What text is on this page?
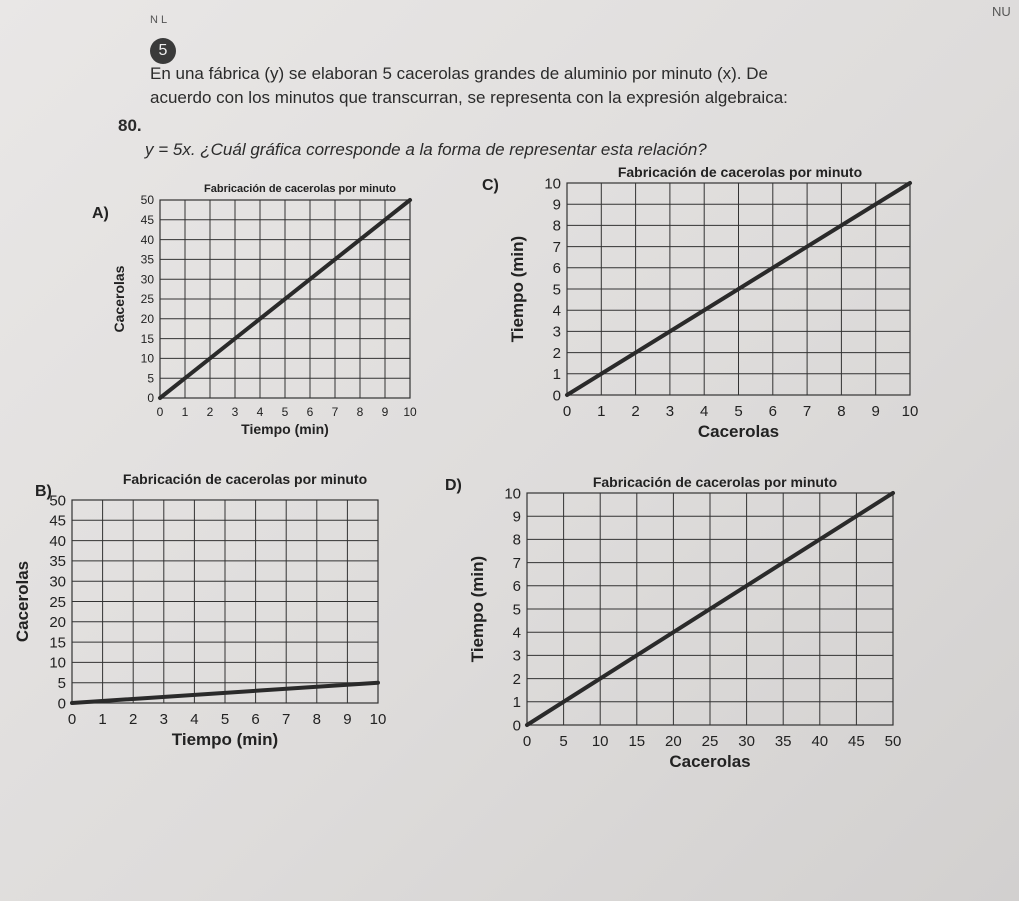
N L
5
NU
80.
En una fábrica (y) se elaboran 5 cacerolas grandes de aluminio por minuto (x). De
acuerdo con los minutos que transcurran, se representa con la expresión algebraica:
y = 5x. ¿Cuál gráfica corresponde a la forma de representar esta relación?
A)
Fabricación de cacerolas por minuto
0 1 2 3 4 5 6 7 8 9 10
0
5
10
15
20
25
30
35
40
45
50
Tiempo (min)
Cacerolas
B)
Fabricación de cacerolas por minuto
0 1 2 3 4 5 6 7 8 9 10
0
5
10
15
20
25
30
35
40
45
50
Tiempo (min)
Cacerolas
C)
Fabricación de cacerolas por minuto
0 1 2 3 4 5 6 7 8 9 10
0
1
2
3
4
5
6
7
8
9
10
Cacerolas
Tiempo (min)
D)	Fabricación de cacerolas por minuto
0 5 10 15 20 25 30 35 40 45 50
0
1
2
3
4
5
6
7
8
9
10
Cacerolas
Tiempo (min)
